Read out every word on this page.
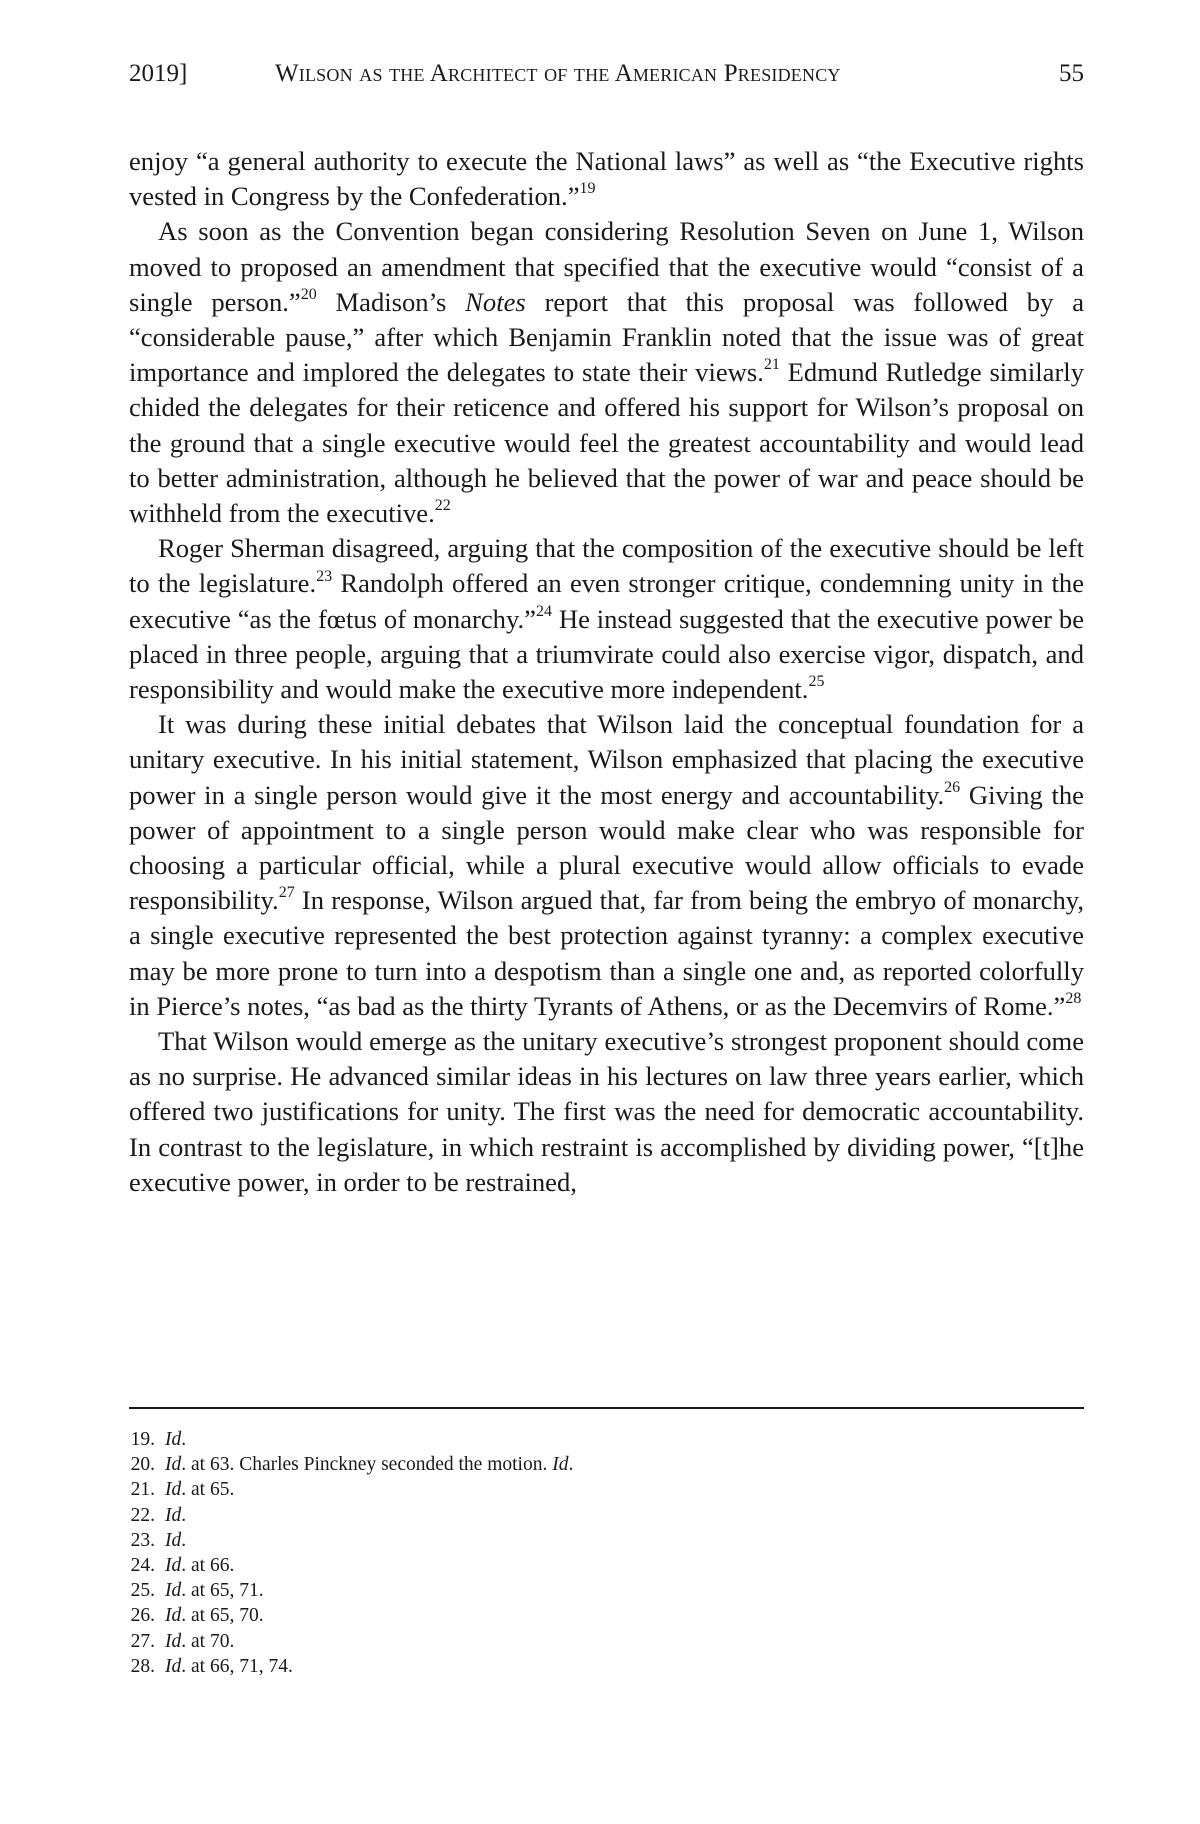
2019]	Wilson as the Architect of the American Presidency	55

enjoy “a general authority to execute the National laws” as well as “the Executive rights vested in Congress by the Confederation.”$^{19}$

As soon as the Convention began considering Resolution Seven on June 1, Wilson moved to proposed an amendment that specified that the executive would “consist of a single person.”$^{20}$ Madison’s Notes report that this proposal was followed by a “considerable pause,” after which Benjamin Franklin noted that the issue was of great importance and implored the delegates to state their views.$^{21}$ Edmund Rutledge similarly chided the delegates for their reticence and offered his support for Wilson’s proposal on the ground that a single executive would feel the greatest accountability and would lead to better administration, although he believed that the power of war and peace should be withheld from the executive.$^{22}$

Roger Sherman disagreed, arguing that the composition of the executive should be left to the legislature.$^{23}$ Randolph offered an even stronger critique, condemning unity in the executive “as the fœtus of monarchy.”$^{24}$ He instead suggested that the executive power be placed in three people, arguing that a triumvirate could also exercise vigor, dispatch, and responsibility and would make the executive more independent.$^{25}$

It was during these initial debates that Wilson laid the conceptual foundation for a unitary executive. In his initial statement, Wilson emphasized that placing the executive power in a single person would give it the most energy and accountability.$^{26}$ Giving the power of appointment to a single person would make clear who was responsible for choosing a particular official, while a plural executive would allow officials to evade responsibility.$^{27}$ In response, Wilson argued that, far from being the embryo of monarchy, a single executive represented the best protection against tyranny: a complex executive may be more prone to turn into a despotism than a single one and, as reported colorfully in Pierce’s notes, “as bad as the thirty Tyrants of Athens, or as the Decemvirs of Rome.”$^{28}$

That Wilson would emerge as the unitary executive’s strongest proponent should come as no surprise. He advanced similar ideas in his lectures on law three years earlier, which offered two justifications for unity. The first was the need for democratic accountability. In contrast to the legislature, in which restraint is accomplished by dividing power, “[t]he executive power, in order to be restrained,

19. Id.
20. Id. at 63. Charles Pinckney seconded the motion. Id.
21. Id. at 65.
22. Id.
23. Id.
24. Id. at 66.
25. Id. at 65, 71.
26. Id. at 65, 70.
27. Id. at 70.
28. Id. at 66, 71, 74.
